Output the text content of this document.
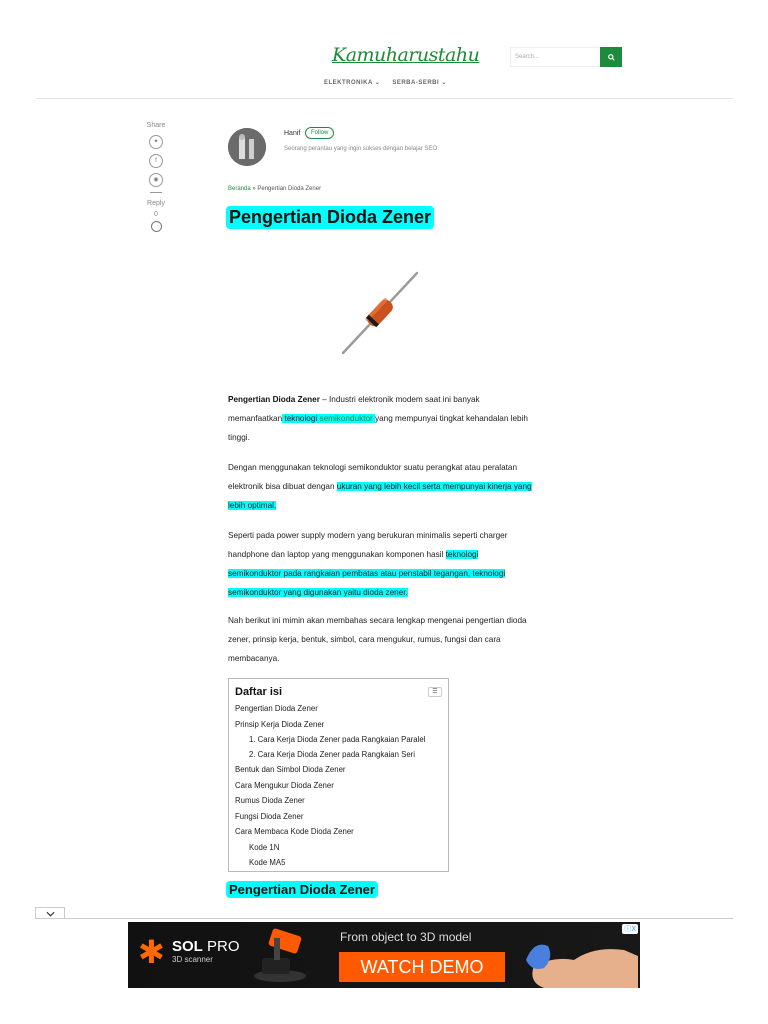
Kamuharustahu
ELEKTRONIKA ⌄ SERBA-SERBI ⌄
Search...
Share
✦
f
◉
Reply
0
Hanif	Follow
Seorang perantau yang ingin sukses dengan belajar SEO
Beranda » Pengertian Dioda Zener
Pengertian Dioda Zener
Pengertian Dioda Zener – Industri elektronik modem saat ini banyak memanfaatkan teknologi semikonduktor yang mempunyai tingkat kehandalan lebih tinggi.
Dengan menggunakan teknologi semikonduktor suatu perangkat atau peralatan elektronik bisa dibuat dengan ukuran yang lebih kecil serta mempunyai kinerja yang lebih optimal.
Seperti pada power supply modern yang berukuran minimalis seperti charger handphone dan laptop yang menggunakan komponen hasil teknologi semikonduktor pada rangkaian pembatas atau penstabil tegangan, teknologi semikonduktor yang digunakan yaitu dioda zener.
Nah berikut ini mimin akan membahas secara lengkap mengenai pengertian dioda zener, prinsip kerja, bentuk, simbol, cara mengukur, rumus, fungsi dan cara membacanya.
Daftar isi	☰
Pengertian Dioda Zener
Prinsip Kerja Dioda Zener
1. Cara Kerja Dioda Zener pada Rangkaian Paralel
2. Cara Kerja Dioda Zener pada Rangkaian Seri
Bentuk dan Simbol Dioda Zener
Cara Mengukur Dioda Zener
Rumus Dioda Zener
Fungsi Dioda Zener
Cara Membaca Kode Dioda Zener
Kode 1N
Kode MA5
Pengertian Dioda Zener
✱ SOL PRO
3D scanner
From object to 3D model
WATCH DEMO
ⓘX
